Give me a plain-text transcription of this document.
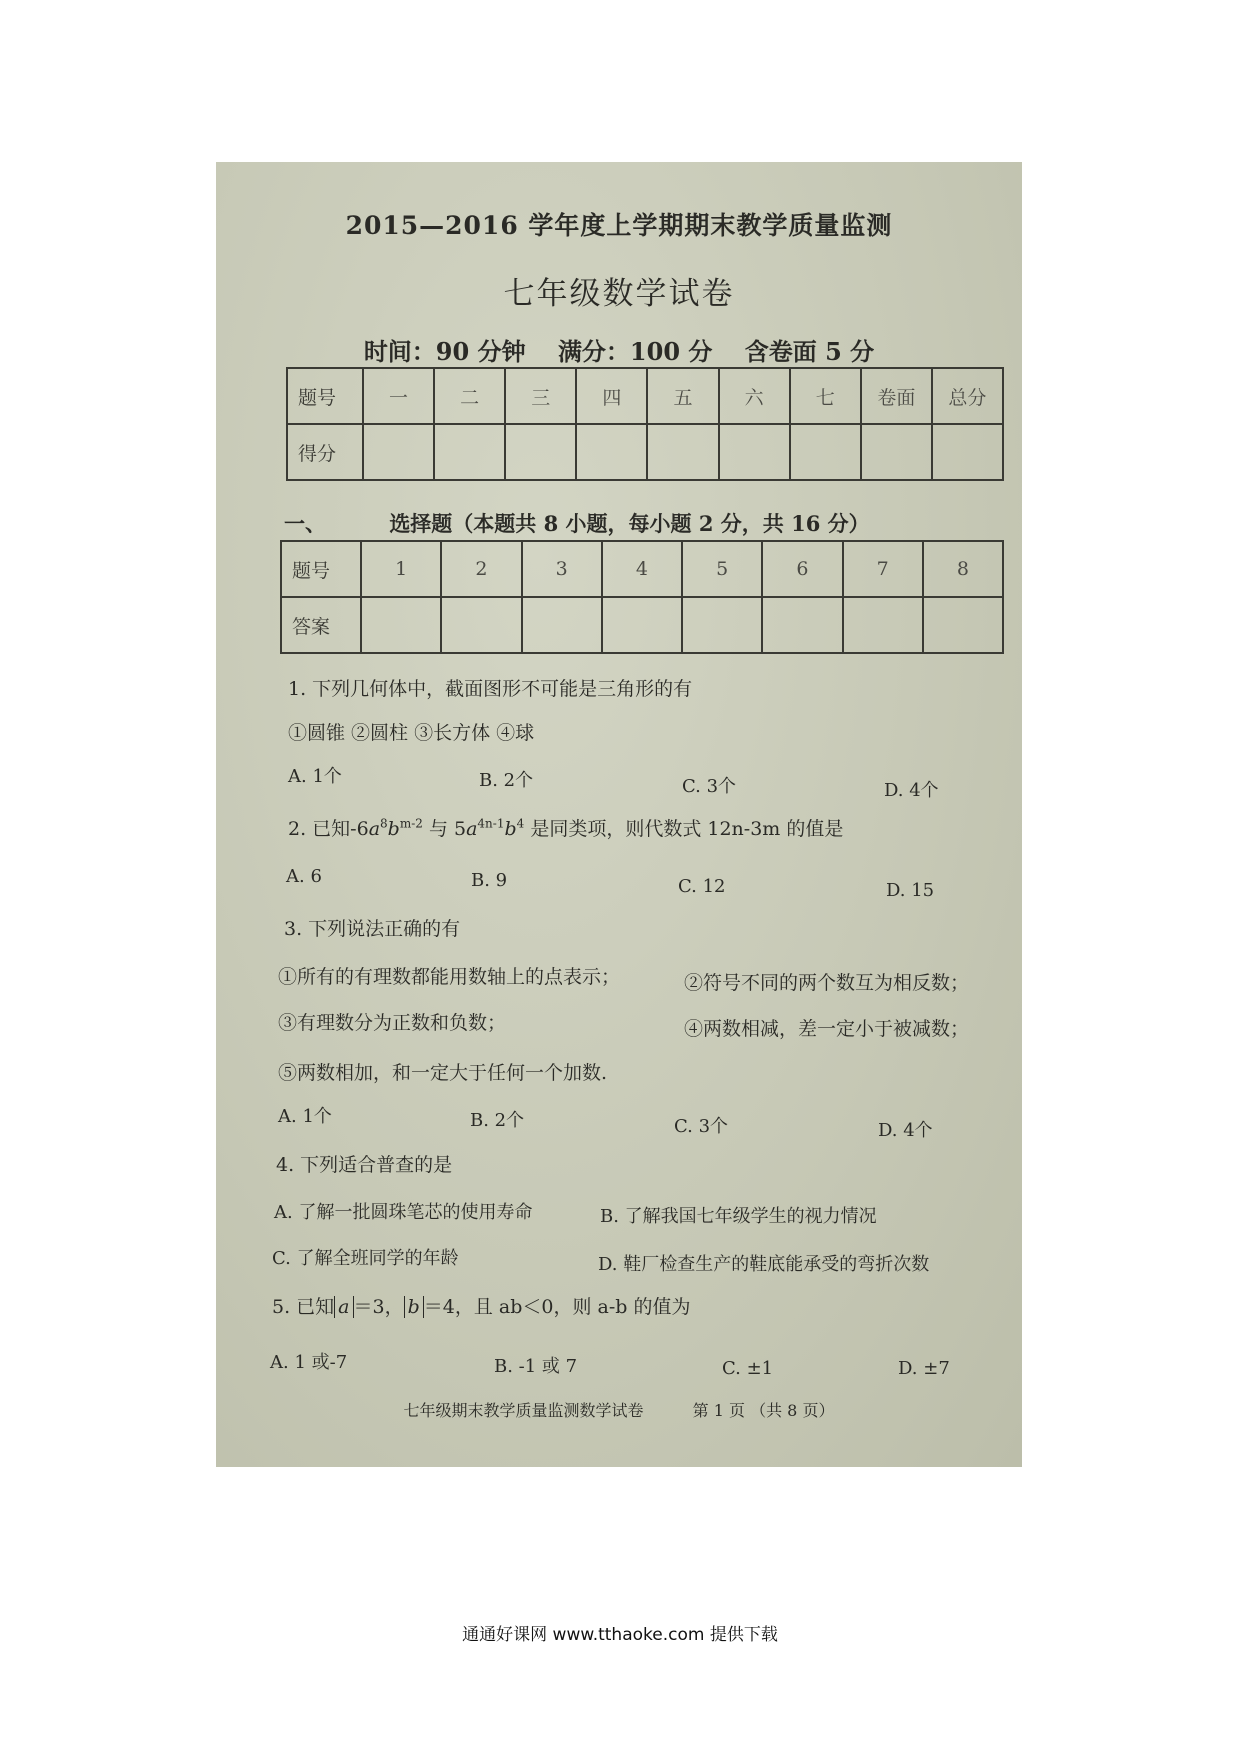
2015—2016 学年度上学期期末教学质量监测
七年级数学试卷
时间：90 分钟 满分：100 分 含卷面 5 分
题号	一	二	三	四	五	六	七	卷面	总分
得分									
一、	选择题（本题共 8 小题，每小题 2 分，共 16 分）
题号	1	2	3	4	5	6	7	8
答案								
1. 下列几何体中，截面图形不可能是三角形的有
①圆锥 ②圆柱 ③长方体 ④球
A. 1个	B. 2个	C. 3个	D. 4个
2. 已知$-6a^8b^{m-2}$ 与 $5a^{4n-1}b^4$ 是同类项，则代数式 12n-3m 的值是
A. 6	B. 9	C. 12	D. 15
3. 下列说法正确的有
①所有的有理数都能用数轴上的点表示；	②符号不同的两个数互为相反数；
③有理数分为正数和负数；	④两数相减，差一定小于被减数；
⑤两数相加，和一定大于任何一个加数.
A. 1个	B. 2个	C. 3个	D. 4个
4. 下列适合普查的是
A. 了解一批圆珠笔芯的使用寿命	B. 了解我国七年级学生的视力情况
C. 了解全班同学的年龄	D. 鞋厂检查生产的鞋底能承受的弯折次数
5. 已知 a ＝3， b ＝4，且 ab＜0，则 a-b 的值为
A. 1 或-7	B. -1 或 7	C. ±1	D. ±7
七年级期末教学质量监测数学试卷	第 1 页 （共 8 页）
通通好课网 www.tthaoke.com 提供下载
